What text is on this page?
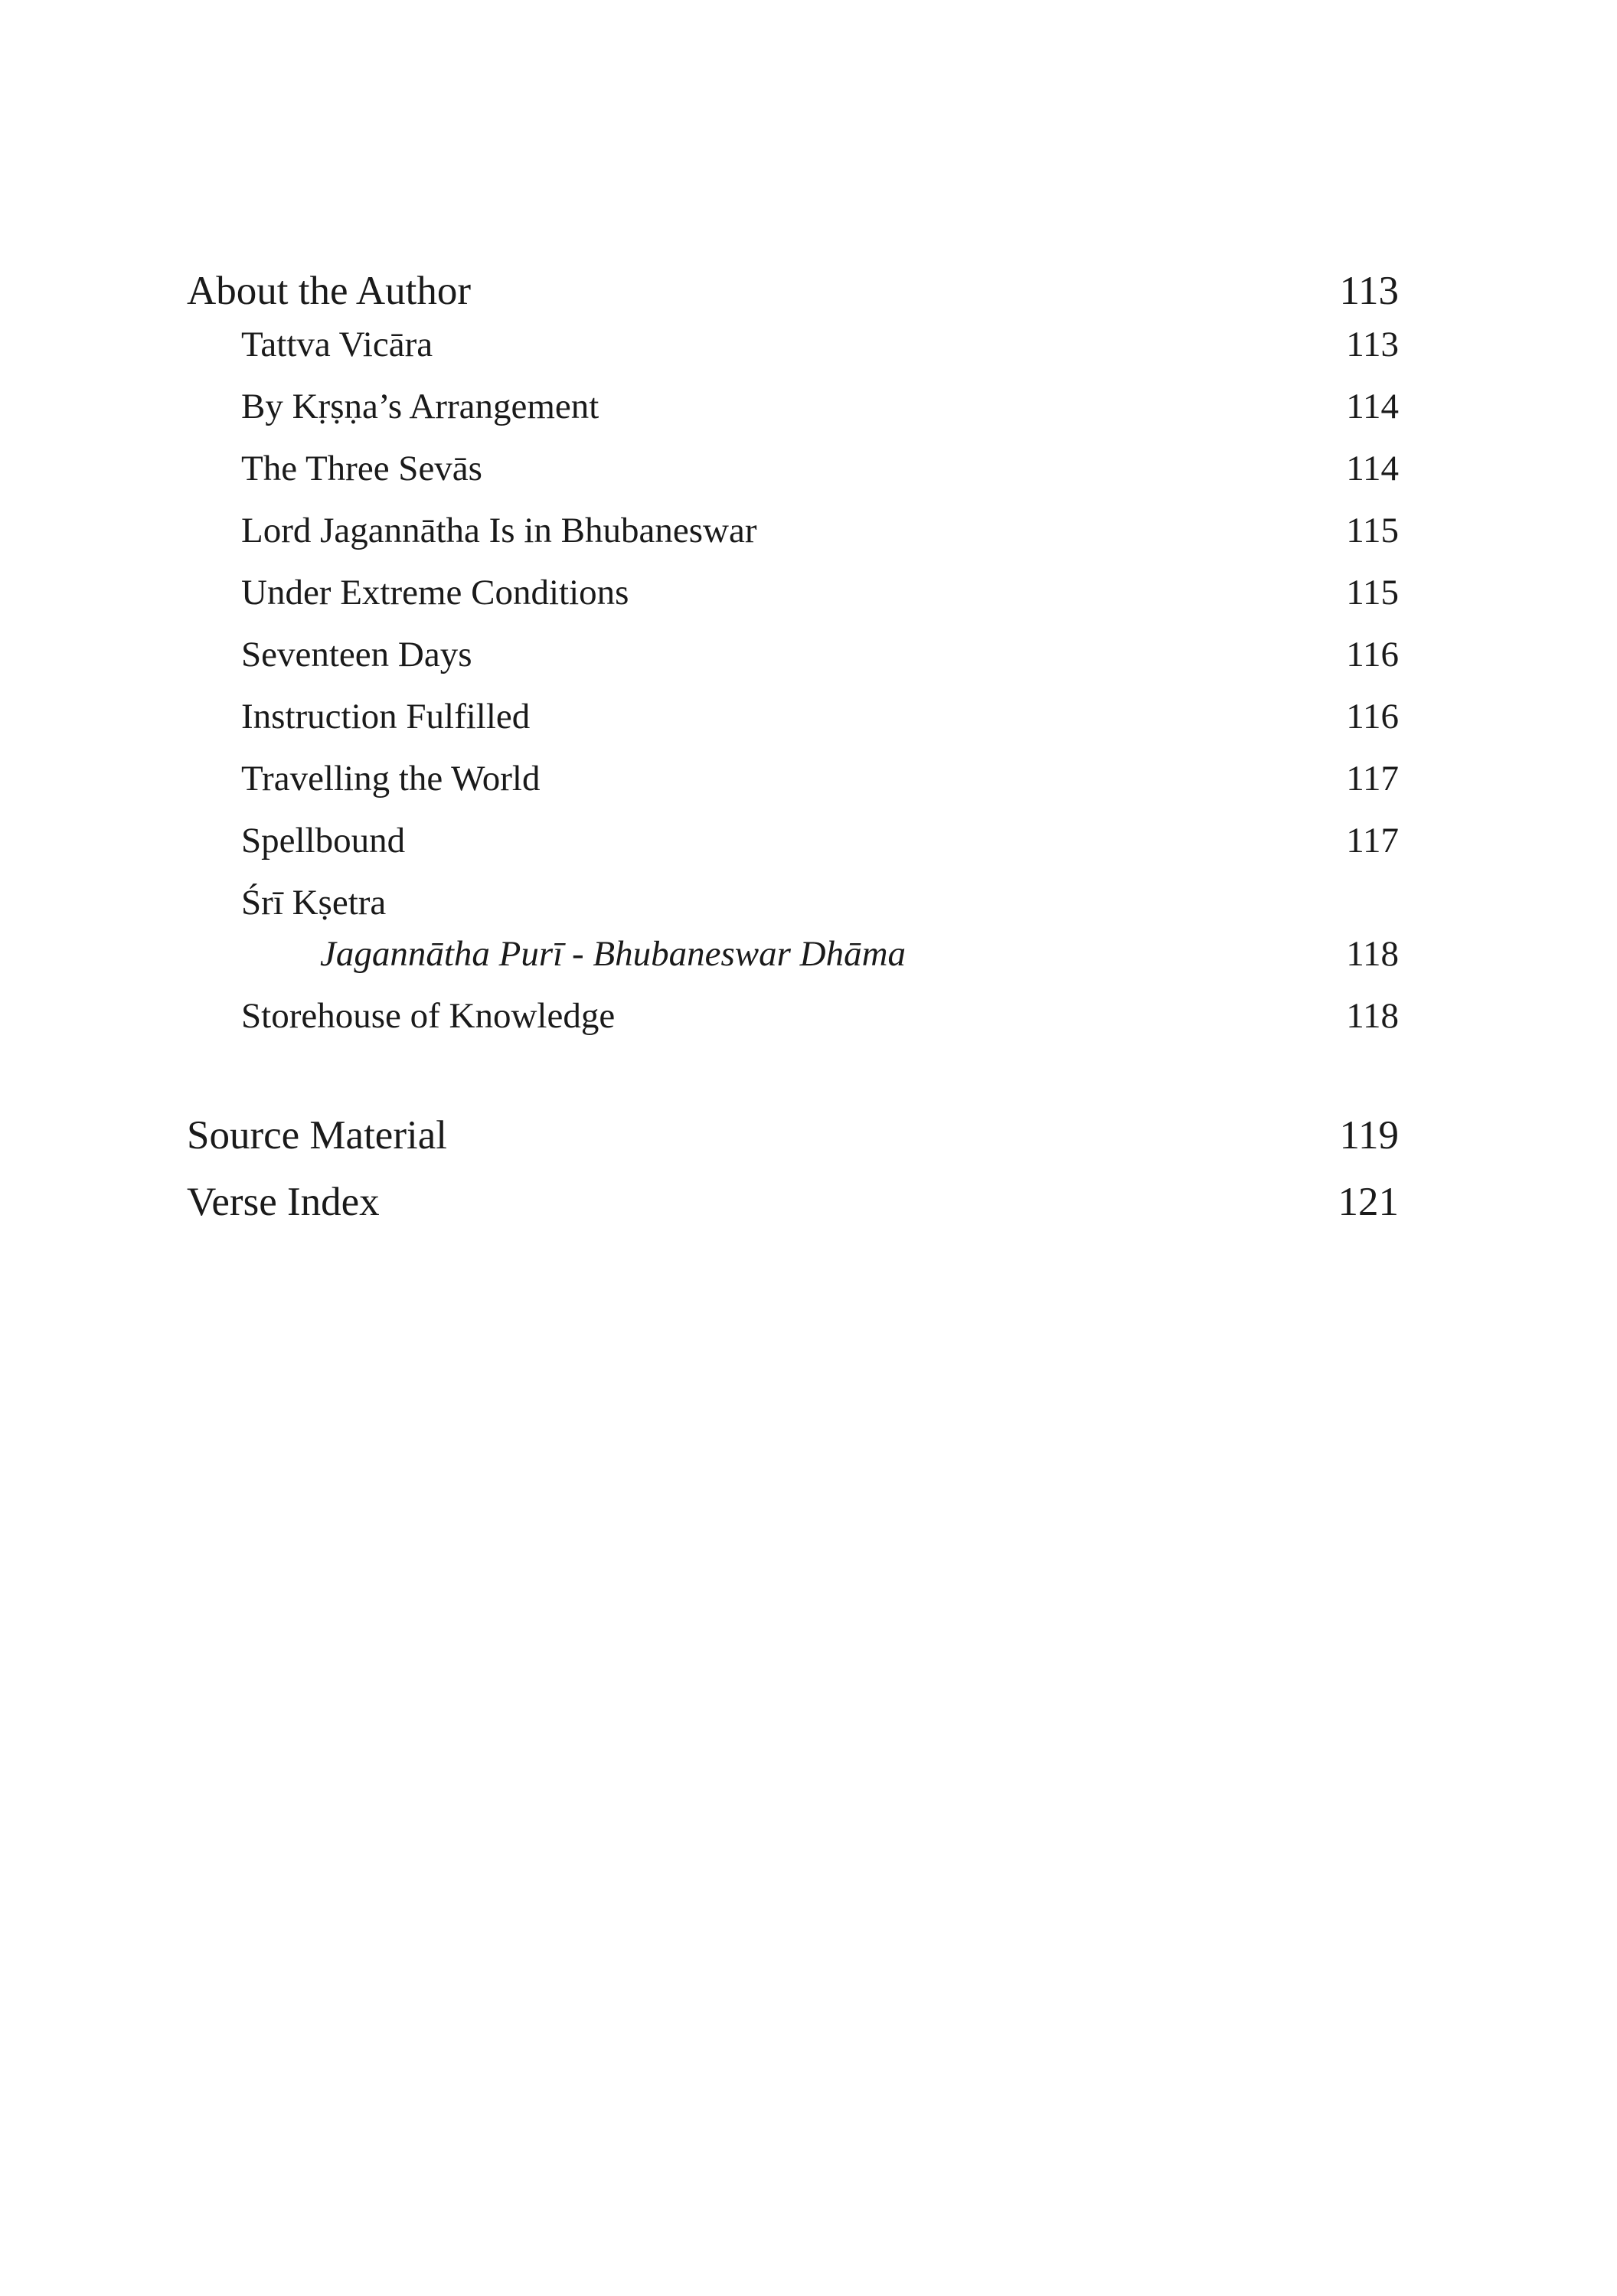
About the Author	113
Tattva Vicāra	113
By Kṛṣṇa’s Arrangement	114
The Three Sevās	114
Lord Jagannātha Is in Bhubaneswar	115
Under Extreme Conditions	115
Seventeen Days	116
Instruction Fulfilled	116
Travelling the World	117
Spellbound	117
Śrī Kṣetra
Jagannātha Purī - Bhubaneswar Dhāma	118
Storehouse of Knowledge	118
Source Material	119
Verse Index	121
